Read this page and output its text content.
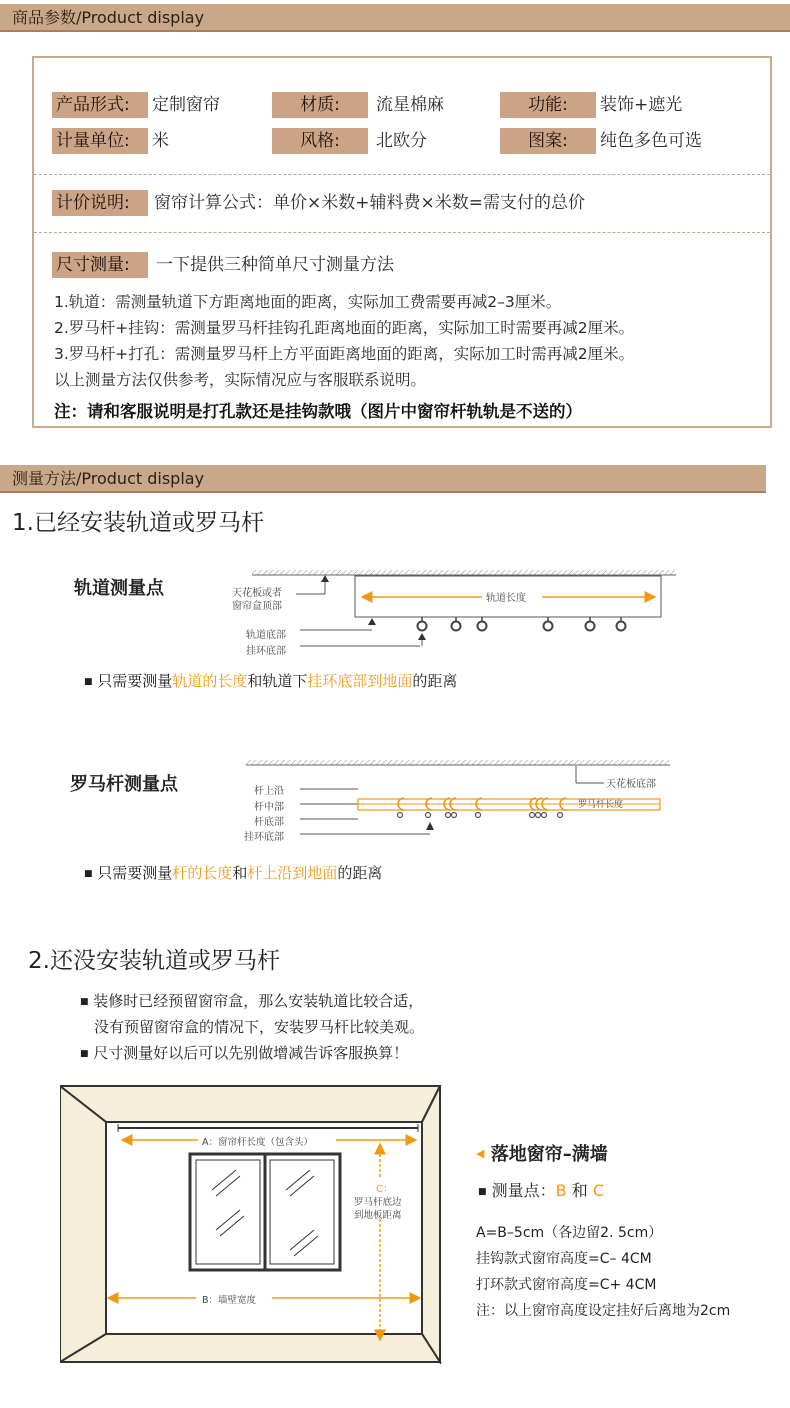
商品参数/Product display
产品形式:	定制窗帘	材质:	流星棉麻	功能:	装饰+遮光
计量单位:	米	风格:	北欧分	图案:	纯色多色可选
计价说明:	窗帘计算公式：单价×米数+辅料费×米数=需支付的总价
尺寸测量:	一下提供三种简单尺寸测量方法
1.轨道：需测量轨道下方距离地面的距离，实际加工费需要再减2–3厘米。
2.罗马杆+挂钩：需测量罗马杆挂钩孔距离地面的距离，实际加工时需要再减2厘米。
3.罗马杆+打孔：需测量罗马杆上方平面距离地面的距离，实际加工时需再减2厘米。
以上测量方法仅供参考，实际情况应与客服联系说明。
注：请和客服说明是打孔款还是挂钩款哦（图片中窗帘杆轨轨是不送的）
测量方法/Product display
1.已经安装轨道或罗马杆
轨道测量点	天花板或者
窗帘盒顶部
轨道底部
挂环底部
轨道长度
■ 只需要测量轨道的长度和轨道下挂环底部到地面的距离
罗马杆测量点	杆上沿
杆中部
杆底部
挂环底部
天花板底部
罗马杆长度
■ 只需要测量杆的长度和杆上沿到地面的距离
2.还没安装轨道或罗马杆
■ 装修时已经预留窗帘盒，那么安装轨道比较合适，
没有预留窗帘盒的情况下，安装罗马杆比较美观。
■ 尺寸测量好以后可以先别做增减告诉客服换算！
A：窗帘杆长度（包含头）
B：墙壁宽度
C：
罗马杆底边
到地板距离
◀ 落地窗帘–满墙
■ 测量点：B 和 C
A=B–5cm（各边留2. 5cm）
挂钩款式窗帘高度=C– 4CM
打环款式窗帘高度=C+ 4CM
注：以上窗帘高度设定挂好后离地为2cm
